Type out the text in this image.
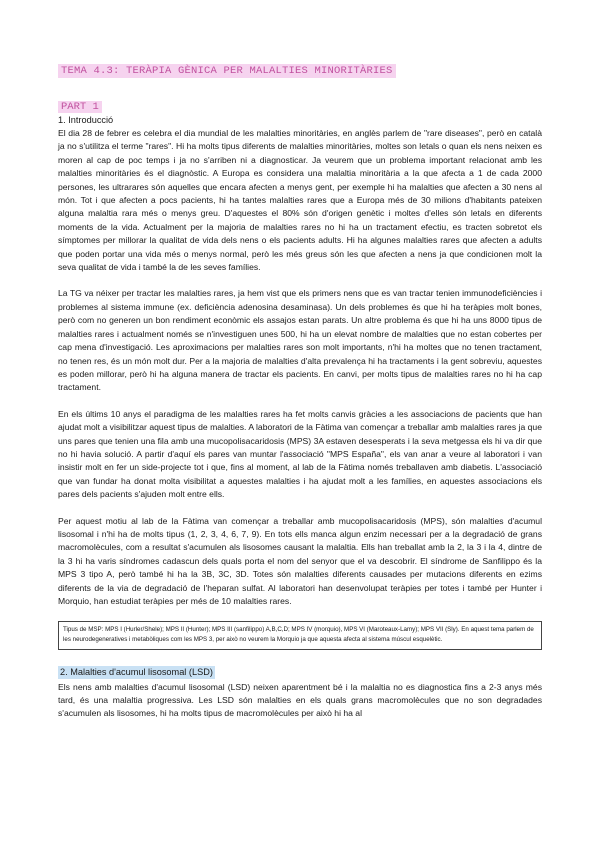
TEMA 4.3: TERÀPIA GÈNICA PER MALALTIES MINORITÀRIES
PART 1
1. Introducció

El dia 28 de febrer es celebra el dia mundial de les malalties minoritàries, en anglès parlem de "rare diseases", però en català ja no s'utilitza el terme "rares". Hi ha molts tipus diferents de malalties minoritàries, moltes son letals o quan els nens neixen es moren al cap de poc temps i ja no s'arriben ni a diagnosticar. Ja veurem que un problema important relacionat amb les malalties minoritàries és el diagnòstic. A Europa es considera una malaltia minoritària a la que afecta a 1 de cada 2000 persones, les ultrarares són aquelles que encara afecten a menys gent, per exemple hi ha malalties que afecten a 30 nens al món. Tot i que afecten a pocs pacients, hi ha tantes malalties rares que a Europa més de 30 milions d'habitants pateixen alguna malaltia rara més o menys greu. D'aquestes el 80% són d'origen genètic i moltes d'elles són letals en diferents moments de la vida. Actualment per la majoria de malalties rares no hi ha un tractament efectiu, es tracten sobretot els símptomes per millorar la qualitat de vida dels nens o els pacients adults. Hi ha algunes malalties rares que afecten a adults que poden portar una vida més o menys normal, però les més greus són les que afecten a nens ja que condicionen molt la seva qualitat de vida i també la de les seves famílies.

La TG va néixer per tractar les malalties rares, ja hem vist que els primers nens que es van tractar tenien immunodeficiències i problemes al sistema immune (ex. deficiència adenosina desaminasa). Un dels problemes és que hi ha teràpies molt bones, però com no generen un bon rendiment econòmic els assajos estan parats. Un altre problema és que hi ha uns 8000 tipus de malalties rares i actualment només se n'investiguen unes 500, hi ha un elevat nombre de malalties que no estan cobertes per cap mena d'investigació. Les aproximacions per malalties rares son molt importants, n'hi ha moltes que no tenen tractament, no tenen res, és un món molt dur. Per a la majoria de malalties d'alta prevalença hi ha tractaments i la gent sobreviu, aquestes es poden millorar, però hi ha alguna manera de tractar els pacients. En canvi, per molts tipus de malalties rares no hi ha cap tractament.

En els últims 10 anys el paradigma de les malalties rares ha fet molts canvis gràcies a les associacions de pacients que han ajudat molt a visibilitzar aquest tipus de malalties. A laboratori de la Fàtima van començar a treballar amb malalties rares ja que uns pares que tenien una fila amb una mucopolisacaridosis (MPS) 3A estaven desesperats i la seva metgessa els hi va dir que no hi havia solució. A partir d'aquí els pares van muntar l'associació "MPS España", els van anar a veure al laboratori i van insistir molt en fer un side-projecte tot i que, fins al moment, al lab de la Fàtima només treballaven amb diabetis. L'associació que van fundar ha donat molta visibilitat a aquestes malalties i ha ajudat molt a les famílies, en aquestes associacions els pares dels pacients s'ajuden molt entre ells.

Per aquest motiu al lab de la Fàtima van començar a treballar amb mucopolisacaridosis (MPS), són malalties d'acumul lisosomal i n'hi ha de molts tipus (1, 2, 3, 4, 6, 7, 9). En tots ells manca algun enzim necessari per a la degradació de grans macromolècules, com a resultat s'acumulen als lisosomes causant la malaltia. Ells han treballat amb la 2, la 3 i la 4, dintre de la 3 hi ha varis síndromes cadascun dels quals porta el nom del senyor que el va descobrir. El síndrome de Sanfilippo és la MPS 3 tipo A, però també hi ha la 3B, 3C, 3D. Totes són malalties diferents causades per mutacions diferents en ezims diferents de la via de degradació de l'heparan sulfat. Al laboratori han desenvolupat teràpies per totes i també per Hunter i Morquio, han estudiat teràpies per més de 10 malalties rares.

Tipus de MSP: MPS I (Hurler/Shele); MPS II (Hunter); MPS III (sanfilippo) A,B,C,D; MPS IV (morquio), MPS VI (Maroteaux-Lamy); MPS VII (Sly). En aquest tema parlem de les neurodegeneratives i metabòliques com les MPS 3, per això no veurem la Morquio ja que aquesta afecta al sistema múscul esquelètic.

2. Malalties d'acumul lisosomal (LSD)

Els nens amb malalties d'acumul lisosomal (LSD) neixen aparentment bé i la malaltia no es diagnostica fins a 2-3 anys més tard, és una malaltia progressiva. Les LSD són malalties en els quals grans macromolècules que no son degradades s'acumulen als lisosomes, hi ha molts tipus de macromolècules per això hi ha al
